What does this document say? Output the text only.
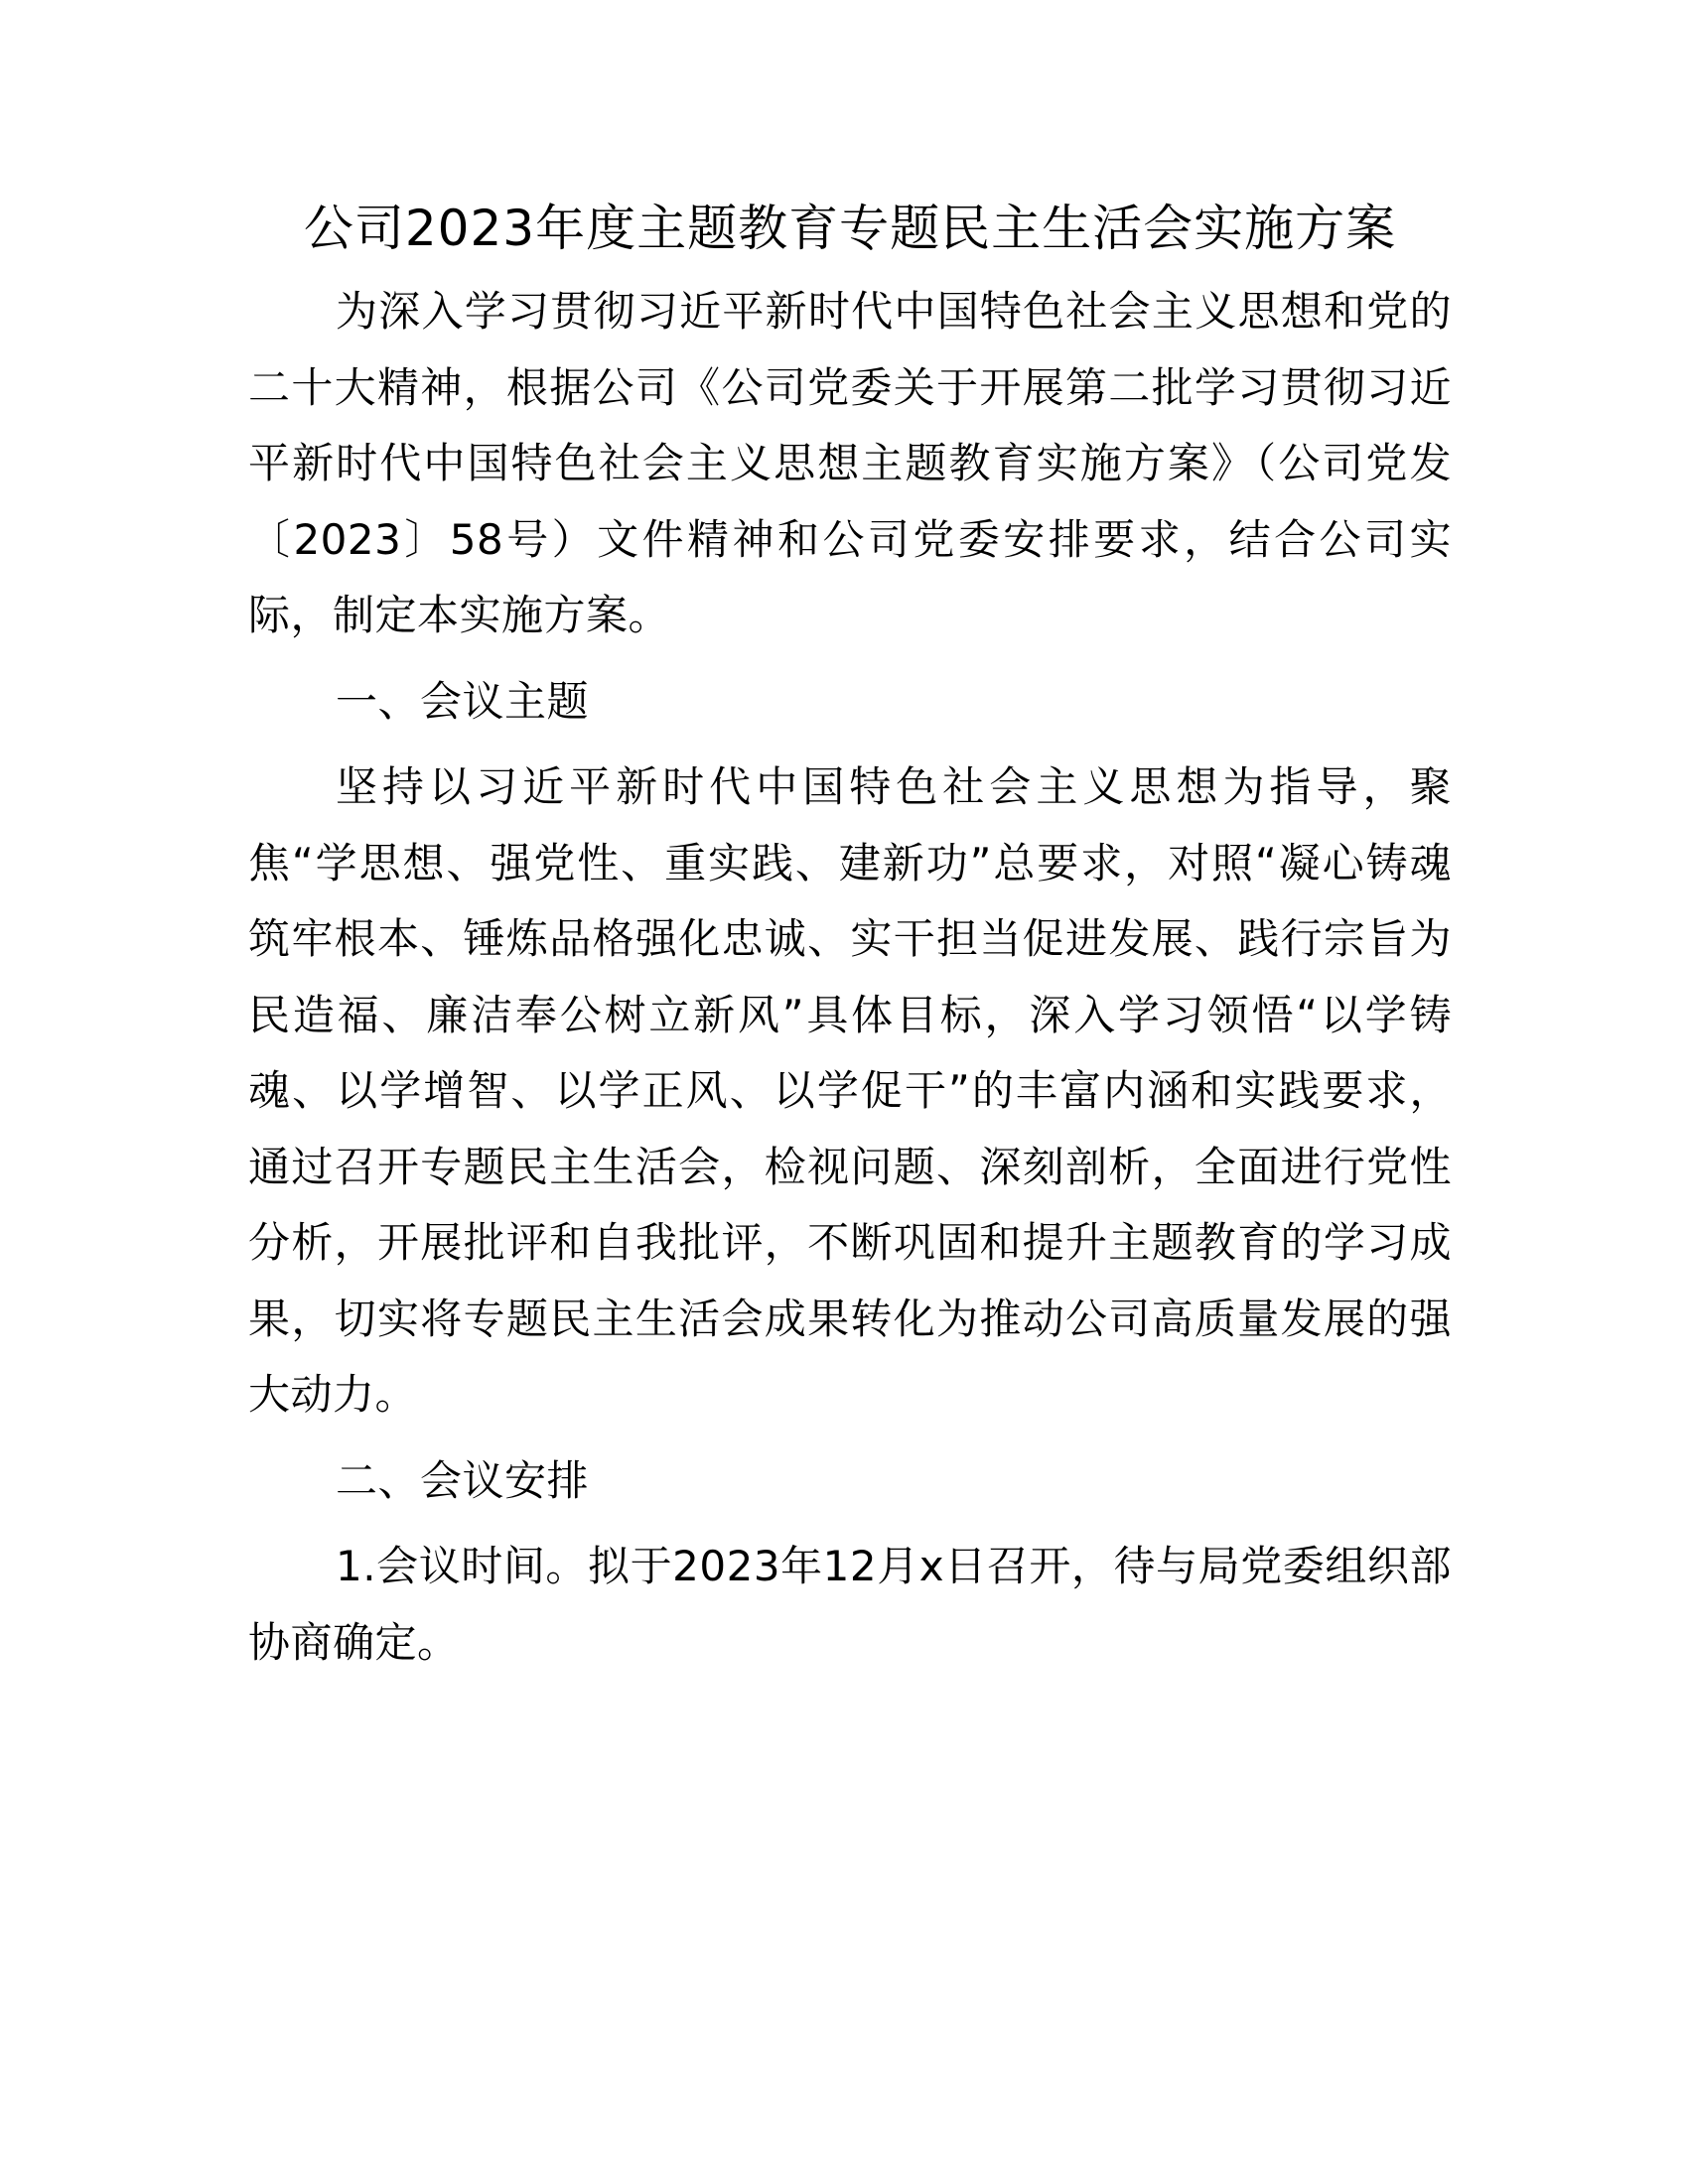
公司2023年度主题教育专题民主生活会实施方案

为深入学习贯彻习近平新时代中国特色社会主义思想和党的二十大精神，根据公司《公司党委关于开展第二批学习贯彻习近平新时代中国特色社会主义思想主题教育实施方案》（公司党发〔2023〕58号）文件精神和公司党委安排要求，结合公司实际，制定本实施方案。

一、会议主题

坚持以习近平新时代中国特色社会主义思想为指导，聚焦“学思想、强党性、重实践、建新功”总要求，对照“凝心铸魂筑牢根本、锤炼品格强化忠诚、实干担当促进发展、践行宗旨为民造福、廉洁奉公树立新风”具体目标，深入学习领悟“以学铸魂、以学增智、以学正风、以学促干”的丰富内涵和实践要求，通过召开专题民主生活会，检视问题、深刻剖析，全面进行党性分析，开展批评和自我批评，不断巩固和提升主题教育的学习成果，切实将专题民主生活会成果转化为推动公司高质量发展的强大动力。

二、会议安排

1.会议时间。拟于2023年12月x日召开，待与局党委组织部协商确定。
